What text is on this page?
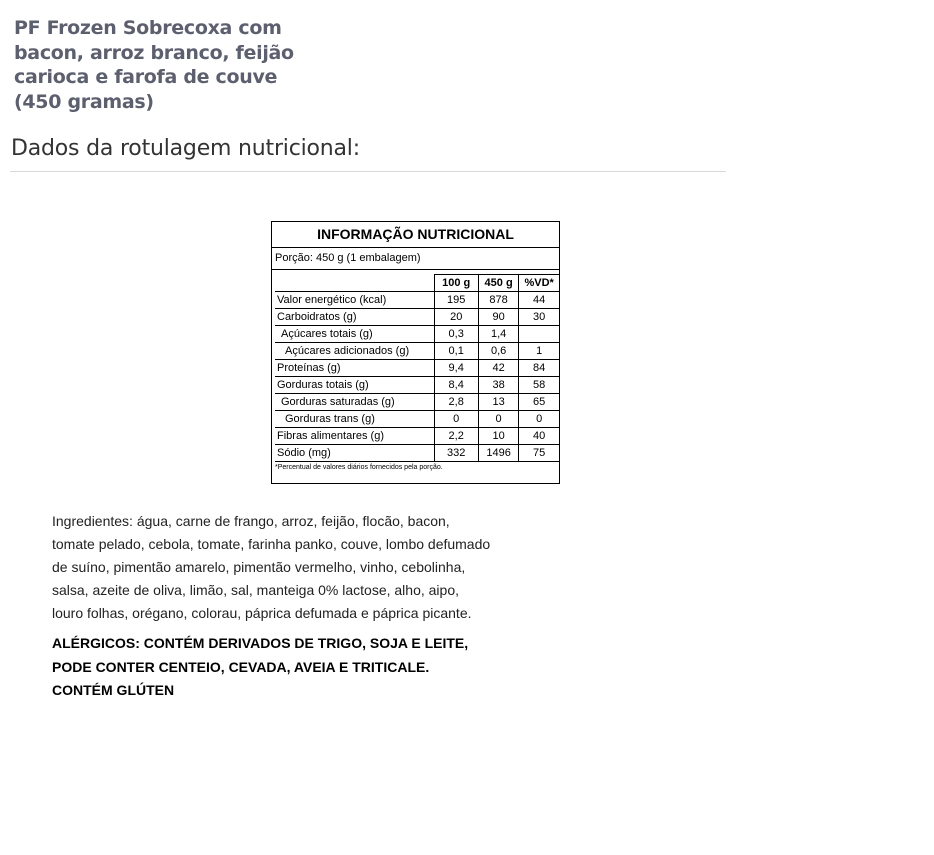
PF Frozen Sobrecoxa com
bacon, arroz branco, feijão
carioca e farofa de couve
(450 gramas)
Dados da rotulagem nutricional:
INFORMAÇÃO NUTRICIONAL
Porção: 450 g (1 embalagem)
	100 g	450 g	%VD*
Valor energético (kcal)	195	878	44
Carboidratos (g)	20	90	30
Açúcares totais (g)	0,3	1,4	
Açúcares adicionados (g)	0,1	0,6	1
Proteínas (g)	9,4	42	84
Gorduras totais (g)	8,4	38	58
Gorduras saturadas (g)	2,8	13	65
Gorduras trans (g)	0	0	0
Fibras alimentares (g)	2,2	10	40
Sódio (mg)	332	1496	75
*Percentual de valores diários fornecidos pela porção.
Ingredientes: água, carne de frango, arroz, feijão, flocão, bacon,
tomate pelado, cebola, tomate, farinha panko, couve, lombo defumado
de suíno, pimentão amarelo, pimentão vermelho, vinho, cebolinha,
salsa, azeite de oliva, limão, sal, manteiga 0% lactose, alho, aipo,
louro folhas, orégano, colorau, páprica defumada e páprica picante.
ALÉRGICOS: CONTÉM DERIVADOS DE TRIGO, SOJA E LEITE,
PODE CONTER CENTEIO, CEVADA, AVEIA E TRITICALE.
CONTÉM GLÚTEN
